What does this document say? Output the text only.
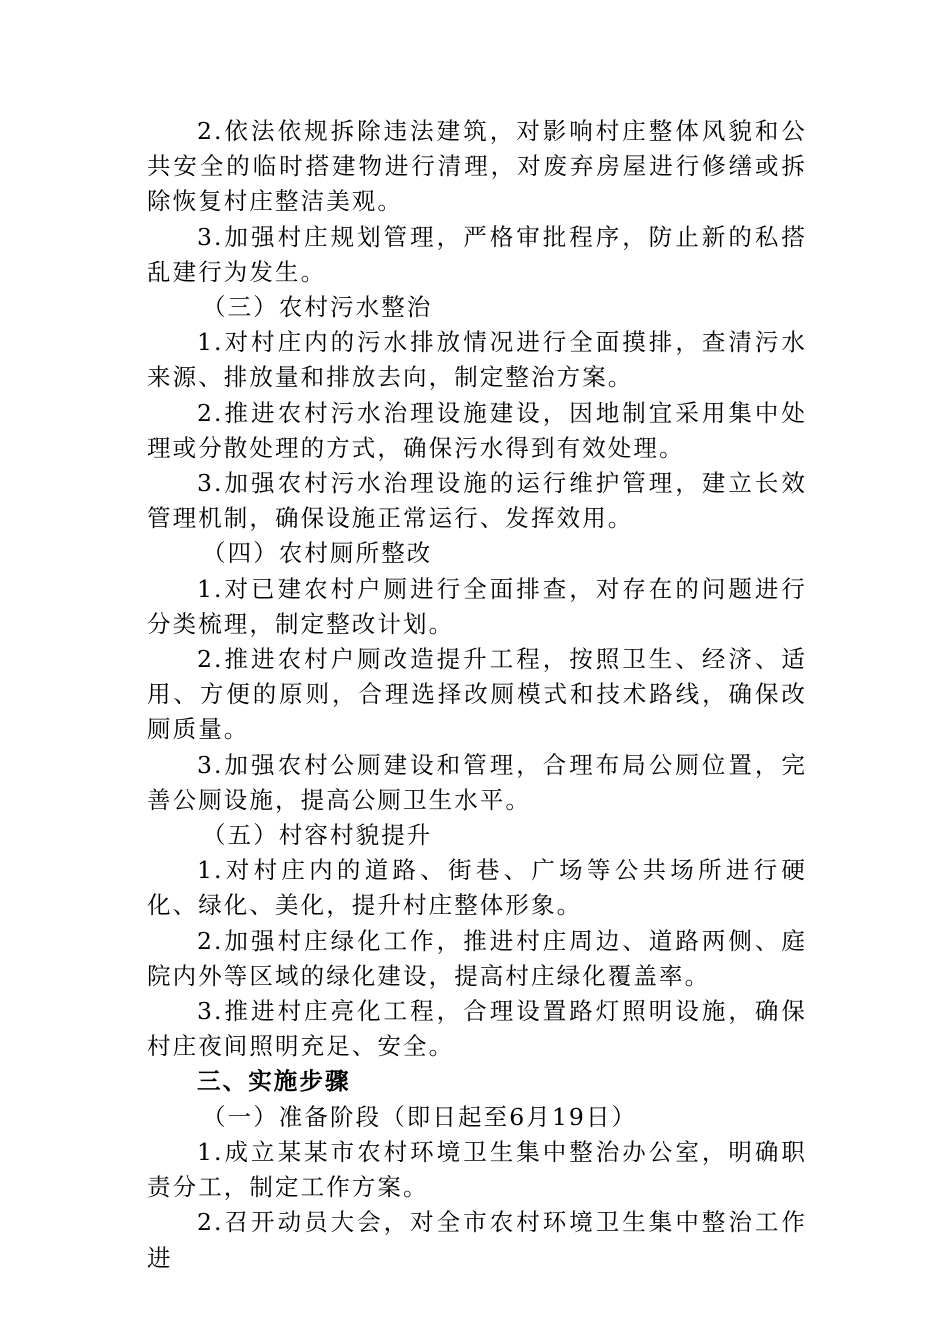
2.依法依规拆除违法建筑，对影响村庄整体风貌和公共安全的临时搭建物进行清理，对废弃房屋进行修缮或拆除恢复村庄整洁美观。

3.加强村庄规划管理，严格审批程序，防止新的私搭乱建行为发生。

（三）农村污水整治

1.对村庄内的污水排放情况进行全面摸排，查清污水来源、排放量和排放去向，制定整治方案。

2.推进农村污水治理设施建设，因地制宜采用集中处理或分散处理的方式，确保污水得到有效处理。

3.加强农村污水治理设施的运行维护管理，建立长效管理机制，确保设施正常运行、发挥效用。

（四）农村厕所整改

1.对已建农村户厕进行全面排查，对存在的问题进行分类梳理，制定整改计划。

2.推进农村户厕改造提升工程，按照卫生、经济、适用、方便的原则，合理选择改厕模式和技术路线，确保改厕质量。

3.加强农村公厕建设和管理，合理布局公厕位置，完善公厕设施，提高公厕卫生水平。

（五）村容村貌提升

1.对村庄内的道路、街巷、广场等公共场所进行硬化、绿化、美化，提升村庄整体形象。

2.加强村庄绿化工作，推进村庄周边、道路两侧、庭院内外等区域的绿化建设，提高村庄绿化覆盖率。

3.推进村庄亮化工程，合理设置路灯照明设施，确保村庄夜间照明充足、安全。

三、实施步骤

（一）准备阶段（即日起至6月19日）

1.成立某某市农村环境卫生集中整治办公室，明确职责分工，制定工作方案。

2.召开动员大会，对全市农村环境卫生集中整治工作进
